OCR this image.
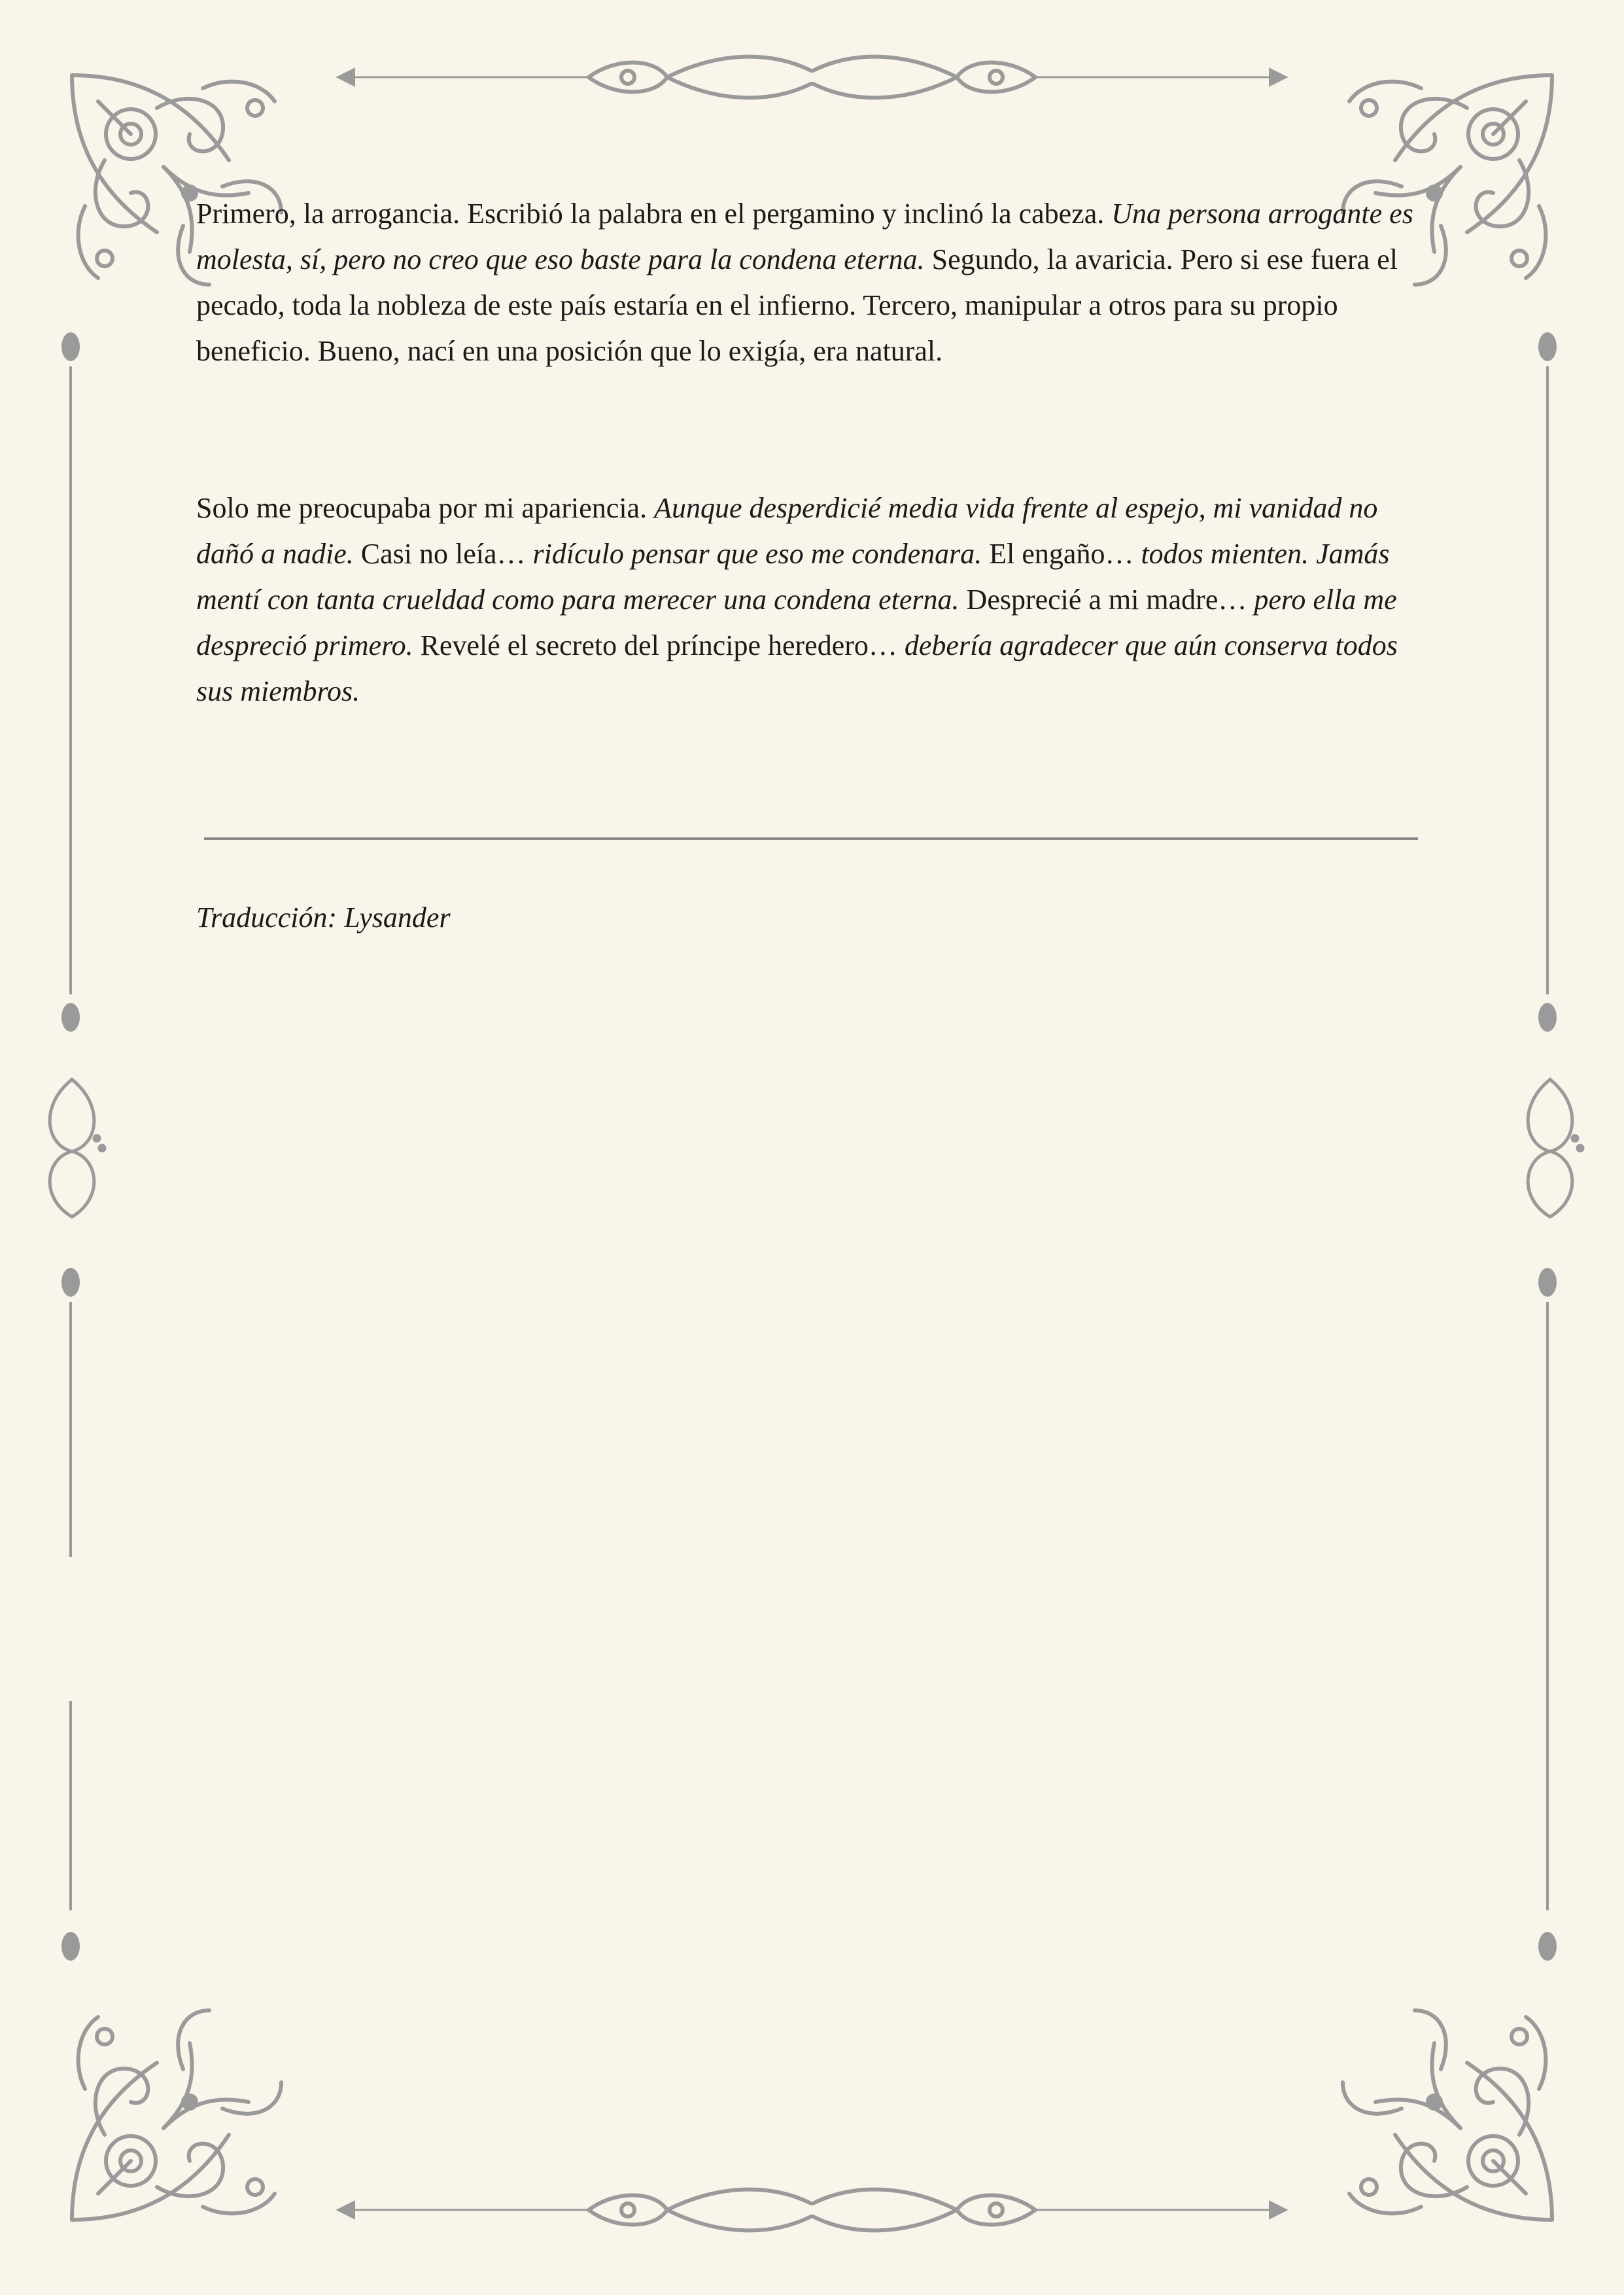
Primero, la arrogancia. Escribió la palabra en el pergamino y inclinó la cabeza. Una persona arrogante es molesta, sí, pero no creo que eso baste para la condena eterna. Segundo, la avaricia. Pero si ese fuera el pecado, toda la nobleza de este país estaría en el infierno. Tercero, manipular a otros para su propio beneficio. Bueno, nací en una posición que lo exigía, era natural.

Solo me preocupaba por mi apariencia. Aunque desperdicié media vida frente al espejo, mi vanidad no dañó a nadie. Casi no leía… ridículo pensar que eso me condenara. El engaño… todos mienten. Jamás mentí con tanta crueldad como para merecer una condena eterna. Desprecié a mi madre… pero ella me despreció primero. Revelé el secreto del príncipe heredero… debería agradecer que aún conserva todos sus miembros.

Traducción: Lysander
